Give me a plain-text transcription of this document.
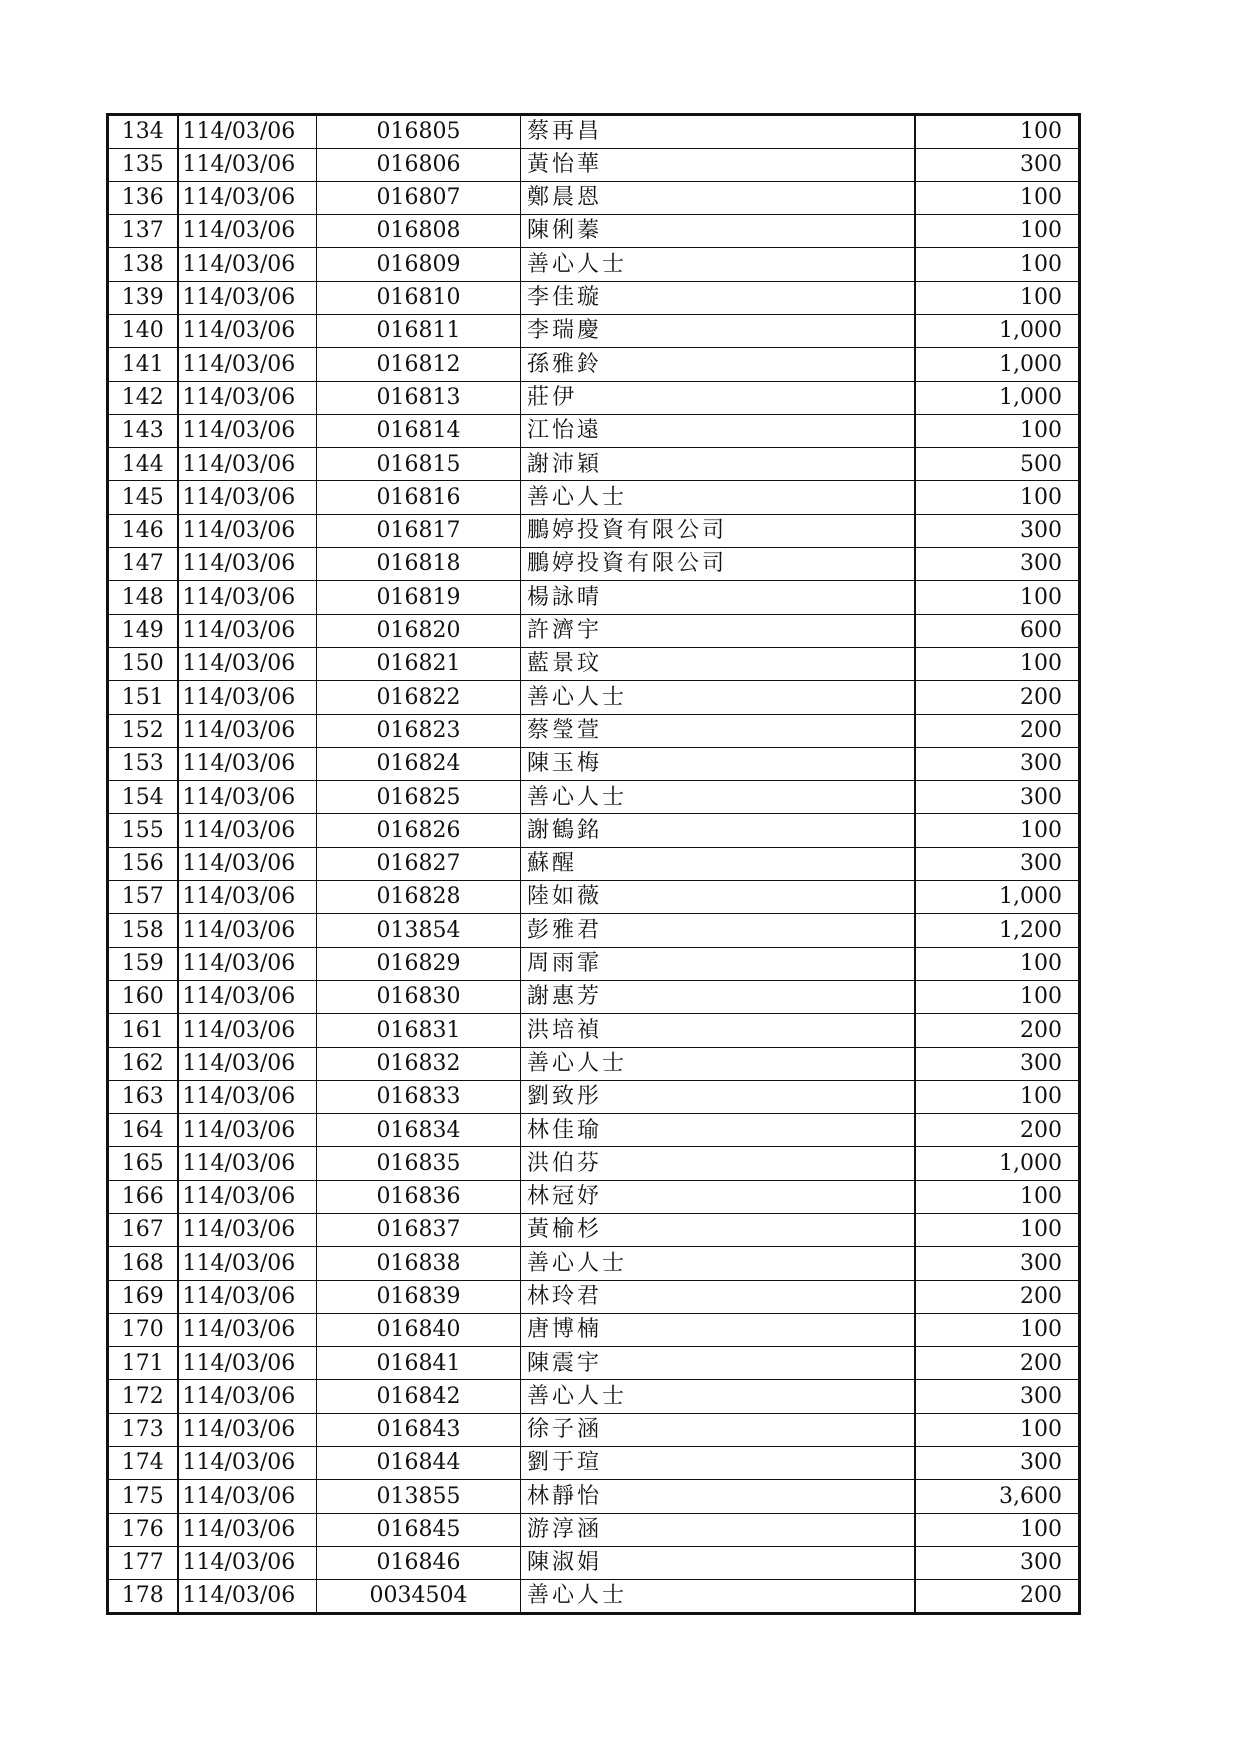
134	114/03/06	016805	蔡再昌	100
135	114/03/06	016806	黃怡華	300
136	114/03/06	016807	鄭晨恩	100
137	114/03/06	016808	陳俐蓁	100
138	114/03/06	016809	善心人士	100
139	114/03/06	016810	李佳璇	100
140	114/03/06	016811	李瑞慶	1,000
141	114/03/06	016812	孫雅鈴	1,000
142	114/03/06	016813	莊伊	1,000
143	114/03/06	016814	江怡遠	100
144	114/03/06	016815	謝沛穎	500
145	114/03/06	016816	善心人士	100
146	114/03/06	016817	鵬婷投資有限公司	300
147	114/03/06	016818	鵬婷投資有限公司	300
148	114/03/06	016819	楊詠晴	100
149	114/03/06	016820	許濟宇	600
150	114/03/06	016821	藍景玟	100
151	114/03/06	016822	善心人士	200
152	114/03/06	016823	蔡瑩萱	200
153	114/03/06	016824	陳玉梅	300
154	114/03/06	016825	善心人士	300
155	114/03/06	016826	謝鶴銘	100
156	114/03/06	016827	蘇醒	300
157	114/03/06	016828	陸如薇	1,000
158	114/03/06	013854	彭雅君	1,200
159	114/03/06	016829	周雨霏	100
160	114/03/06	016830	謝惠芳	100
161	114/03/06	016831	洪培禎	200
162	114/03/06	016832	善心人士	300
163	114/03/06	016833	劉致彤	100
164	114/03/06	016834	林佳瑜	200
165	114/03/06	016835	洪伯芬	1,000
166	114/03/06	016836	林冠妤	100
167	114/03/06	016837	黃榆杉	100
168	114/03/06	016838	善心人士	300
169	114/03/06	016839	林玲君	200
170	114/03/06	016840	唐博楠	100
171	114/03/06	016841	陳震宇	200
172	114/03/06	016842	善心人士	300
173	114/03/06	016843	徐子涵	100
174	114/03/06	016844	劉于瑄	300
175	114/03/06	013855	林靜怡	3,600
176	114/03/06	016845	游淳涵	100
177	114/03/06	016846	陳淑娟	300
178	114/03/06	0034504	善心人士	200
